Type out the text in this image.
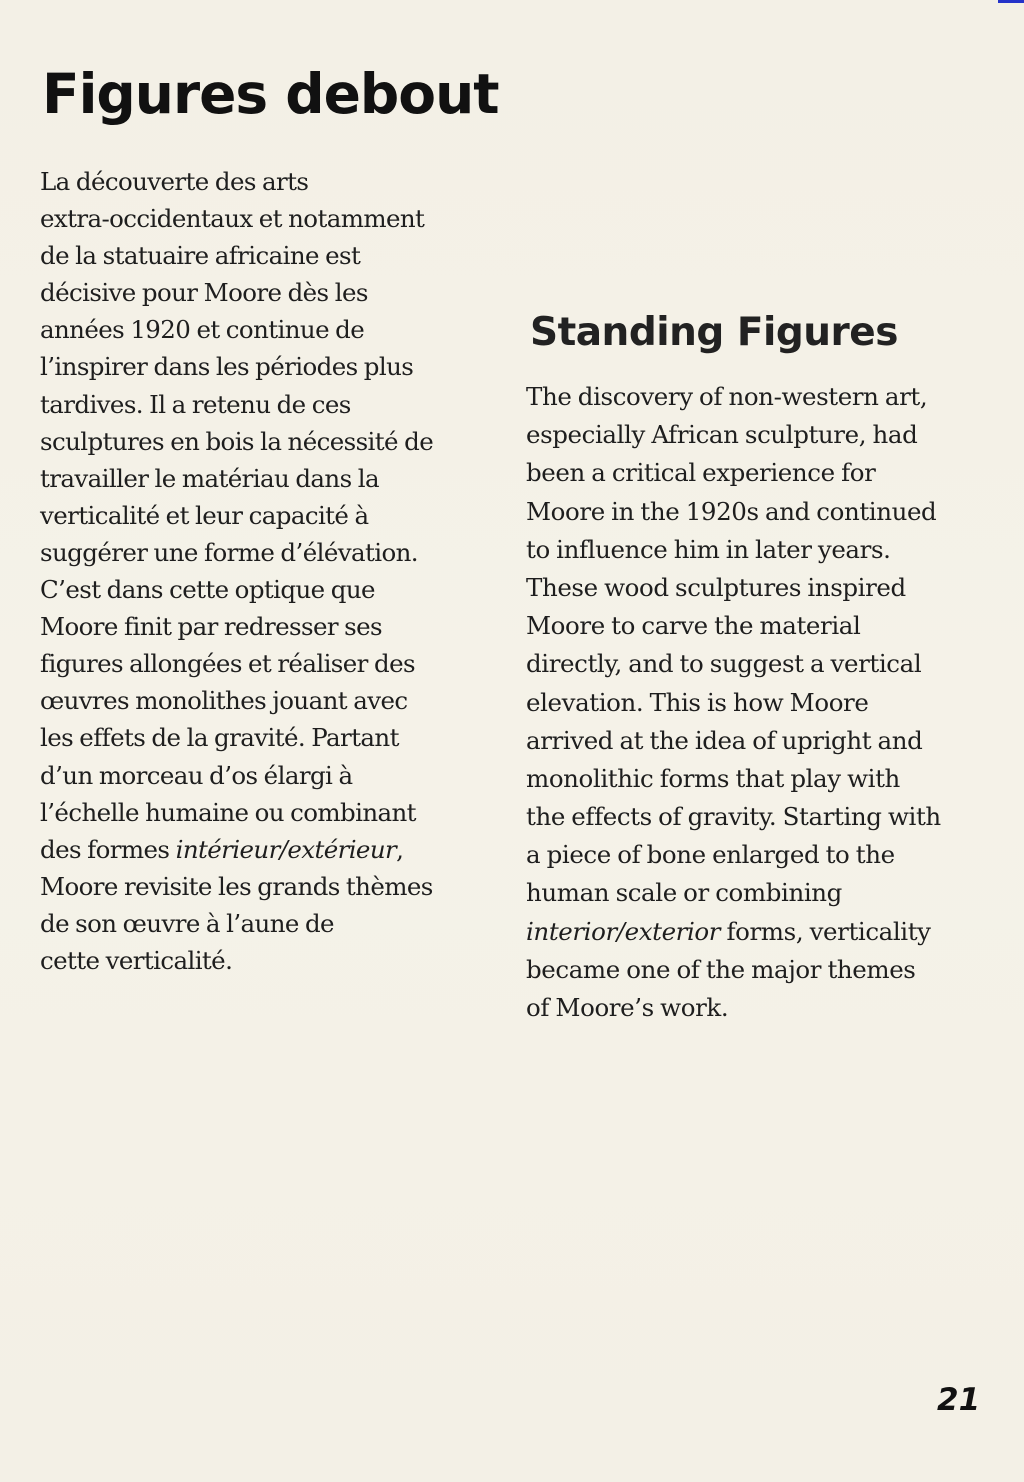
Figures debout
La découverte des arts
extra-occidentaux et notamment
de la statuaire africaine est
décisive pour Moore dès les
années 1920 et continue de
l’inspirer dans les périodes plus
tardives. Il a retenu de ces
sculptures en bois la nécessité de
travailler le matériau dans la
verticalité et leur capacité à
suggérer une forme d’élévation.
C’est dans cette optique que
Moore finit par redresser ses
figures allongées et réaliser des
œuvres monolithes jouant avec
les effets de la gravité. Partant
d’un morceau d’os élargi à
l’échelle humaine ou combinant
des formes intérieur/extérieur,
Moore revisite les grands thèmes
de son œuvre à l’aune de
cette verticalité.
Standing Figures
The discovery of non-western art,
especially African sculpture, had
been a critical experience for
Moore in the 1920s and continued
to influence him in later years.
These wood sculptures inspired
Moore to carve the material
directly, and to suggest a vertical
elevation. This is how Moore
arrived at the idea of upright and
monolithic forms that play with
the effects of gravity. Starting with
a piece of bone enlarged to the
human scale or combining
interior/exterior forms, verticality
became one of the major themes
of Moore’s work.
21
